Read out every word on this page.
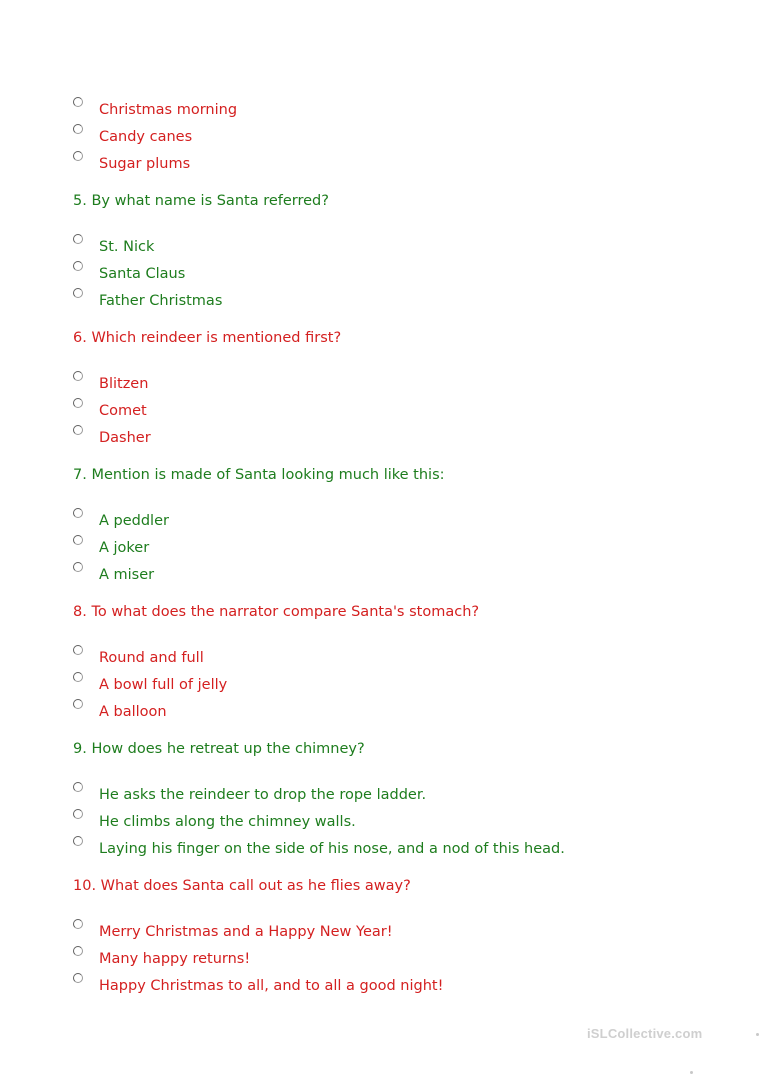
Christmas morning
Candy canes
Sugar plums
5. By what name is Santa referred?
St. Nick
Santa Claus
Father Christmas
6. Which reindeer is mentioned first?
Blitzen
Comet
Dasher
7. Mention is made of Santa looking much like this:
A peddler
A joker
A miser
8. To what does the narrator compare Santa's stomach?
Round and full
A bowl full of jelly
A balloon
9. How does he retreat up the chimney?
He asks the reindeer to drop the rope ladder.
He climbs along the chimney walls.
Laying his finger on the side of his nose, and a nod of this head.
10. What does Santa call out as he flies away?
Merry Christmas and a Happy New Year!
Many happy returns!
Happy Christmas to all, and to all a good night!
iSLCollective.com
